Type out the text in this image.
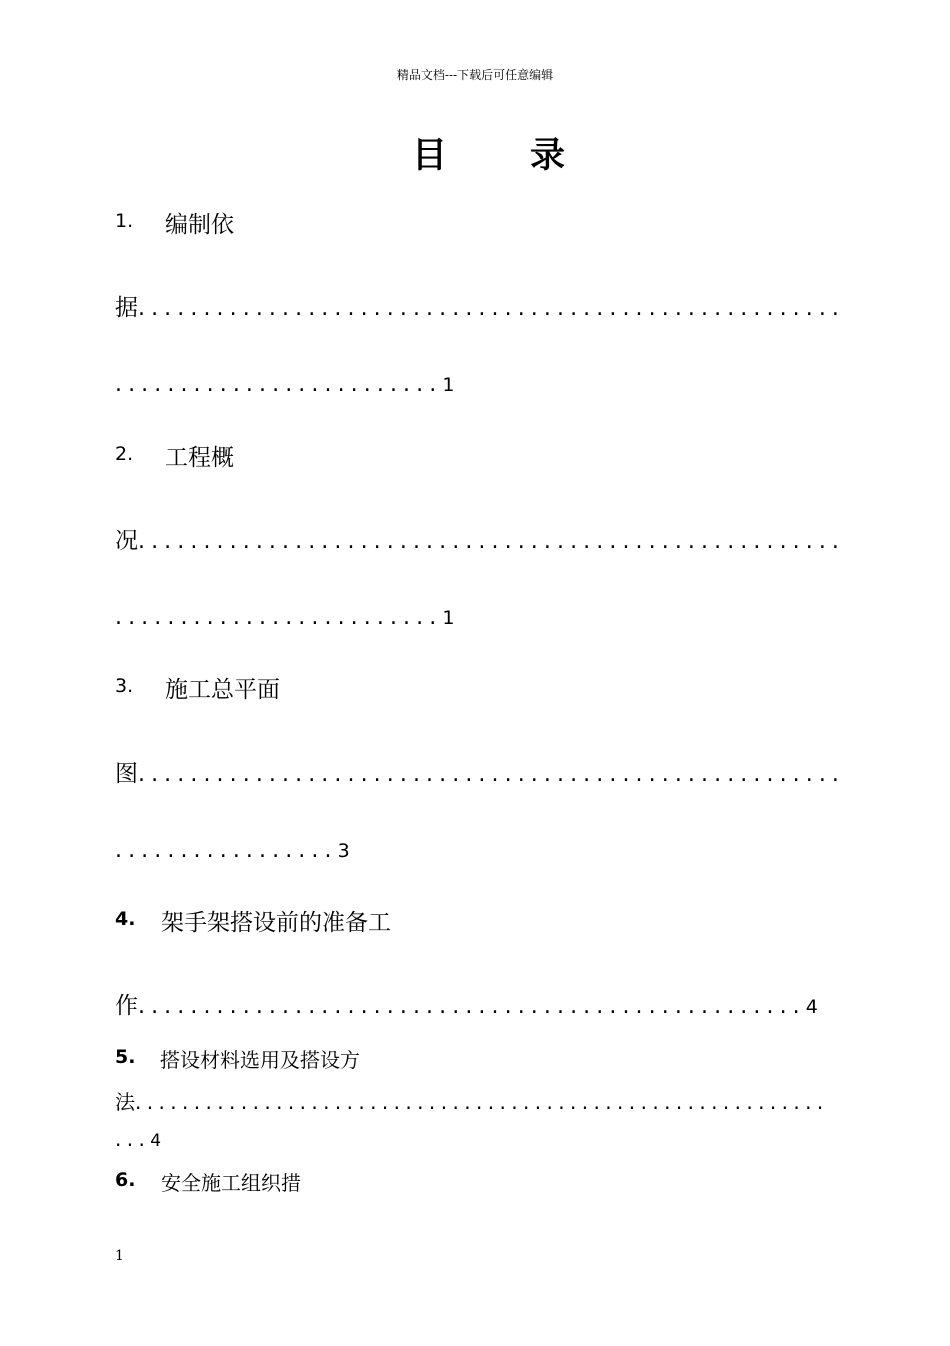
精品文档---下载后可任意编辑
目 录
1. 编制依
据......................................................
.........................1
2. 工程概
况......................................................
.........................1
3. 施工总平面
图......................................................
.................3
4. 架手架搭设前的准备工
作...................................................4
5. 搭设材料选用及搭设方
法...........................................................
...4
6. 安全施工组织措
1
